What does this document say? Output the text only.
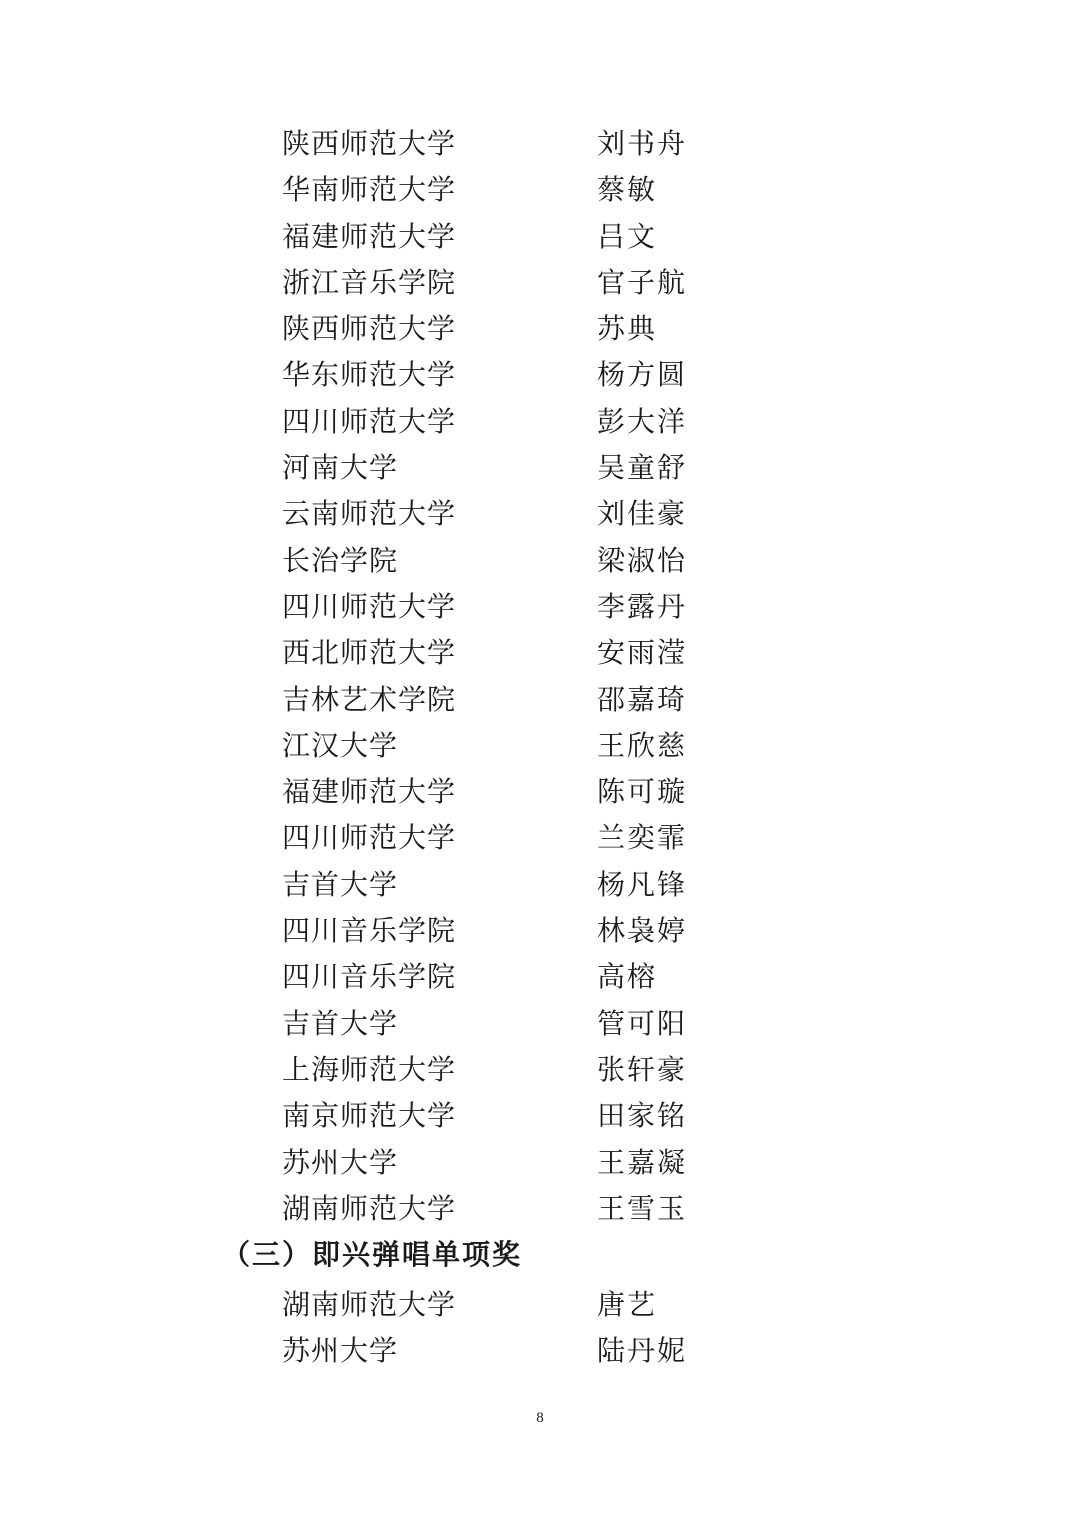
陕西师范大学	刘书舟
华南师范大学	蔡敏
福建师范大学	吕文
浙江音乐学院	官子航
陕西师范大学	苏典
华东师范大学	杨方圆
四川师范大学	彭大洋
河南大学	吴童舒
云南师范大学	刘佳豪
长治学院	梁淑怡
四川师范大学	李露丹
西北师范大学	安雨滢
吉林艺术学院	邵嘉琦
江汉大学	王欣慈
福建师范大学	陈可璇
四川师范大学	兰奕霏
吉首大学	杨凡锋
四川音乐学院	林袅婷
四川音乐学院	高榕
吉首大学	管可阳
上海师范大学	张轩豪
南京师范大学	田家铭
苏州大学	王嘉凝
湖南师范大学	王雪玉
（三）即兴弹唱单项奖
湖南师范大学	唐艺
苏州大学	陆丹妮
8
